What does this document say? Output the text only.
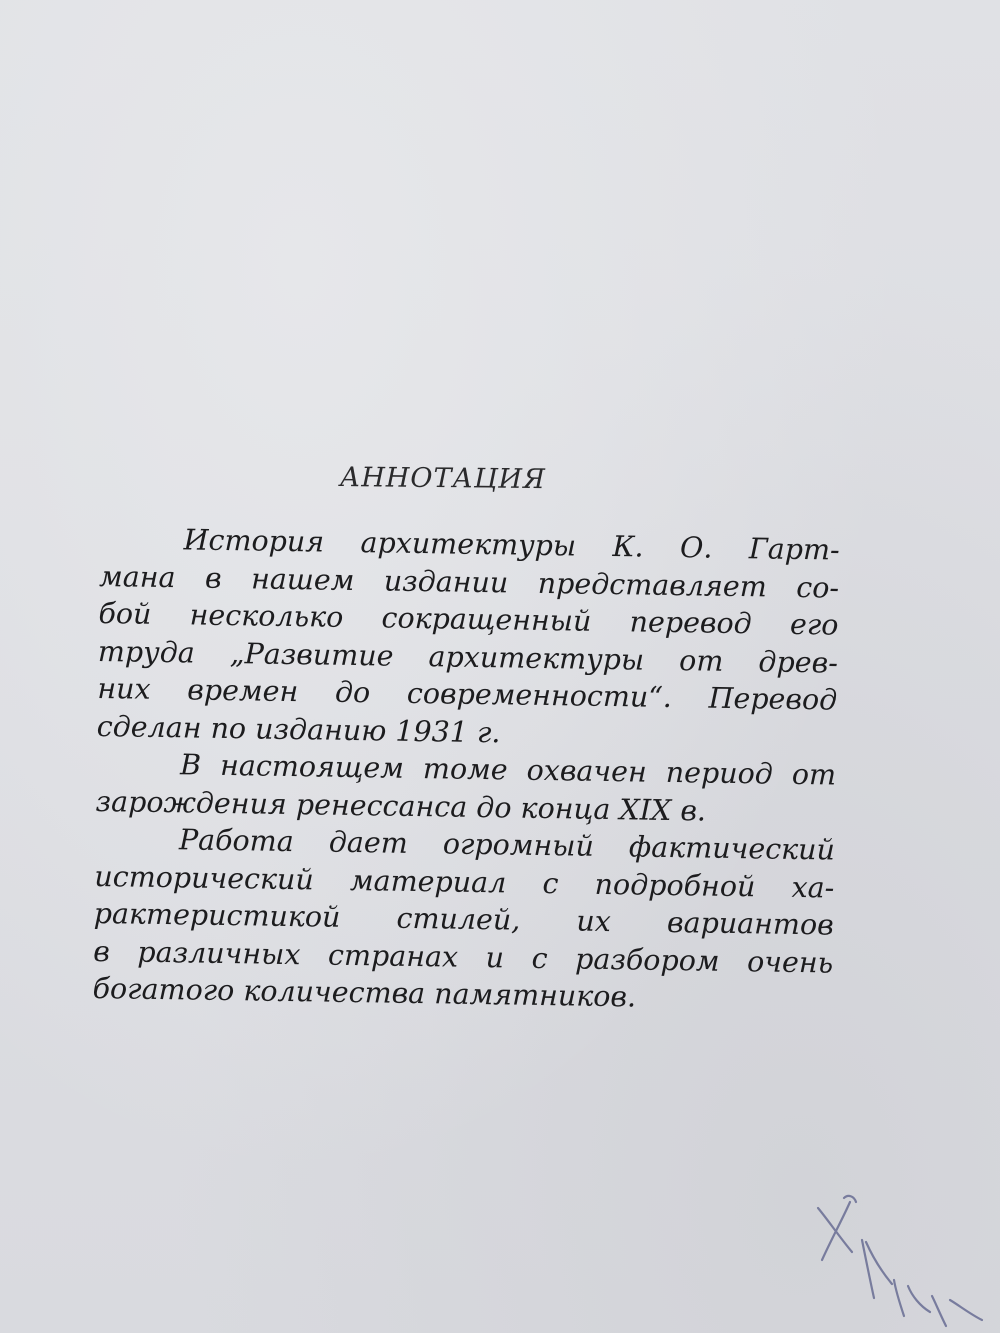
АННОТАЦИЯ
История архитектуры К. О. Гарт-
мана в нашем издании представляет со-
бой несколько сокращенный перевод его
труда „Развитие архитектуры от древ-
них времен до современности“. Перевод
сделан по изданию 1931 г.
В настоящем томе охвачен период от
зарождения ренессанса до конца XIX в.
Работа дает огромный фактический
исторический материал с подробной ха-
рактеристикой стилей, их вариантов
в различных странах и с разбором очень
богатого количества памятников.
